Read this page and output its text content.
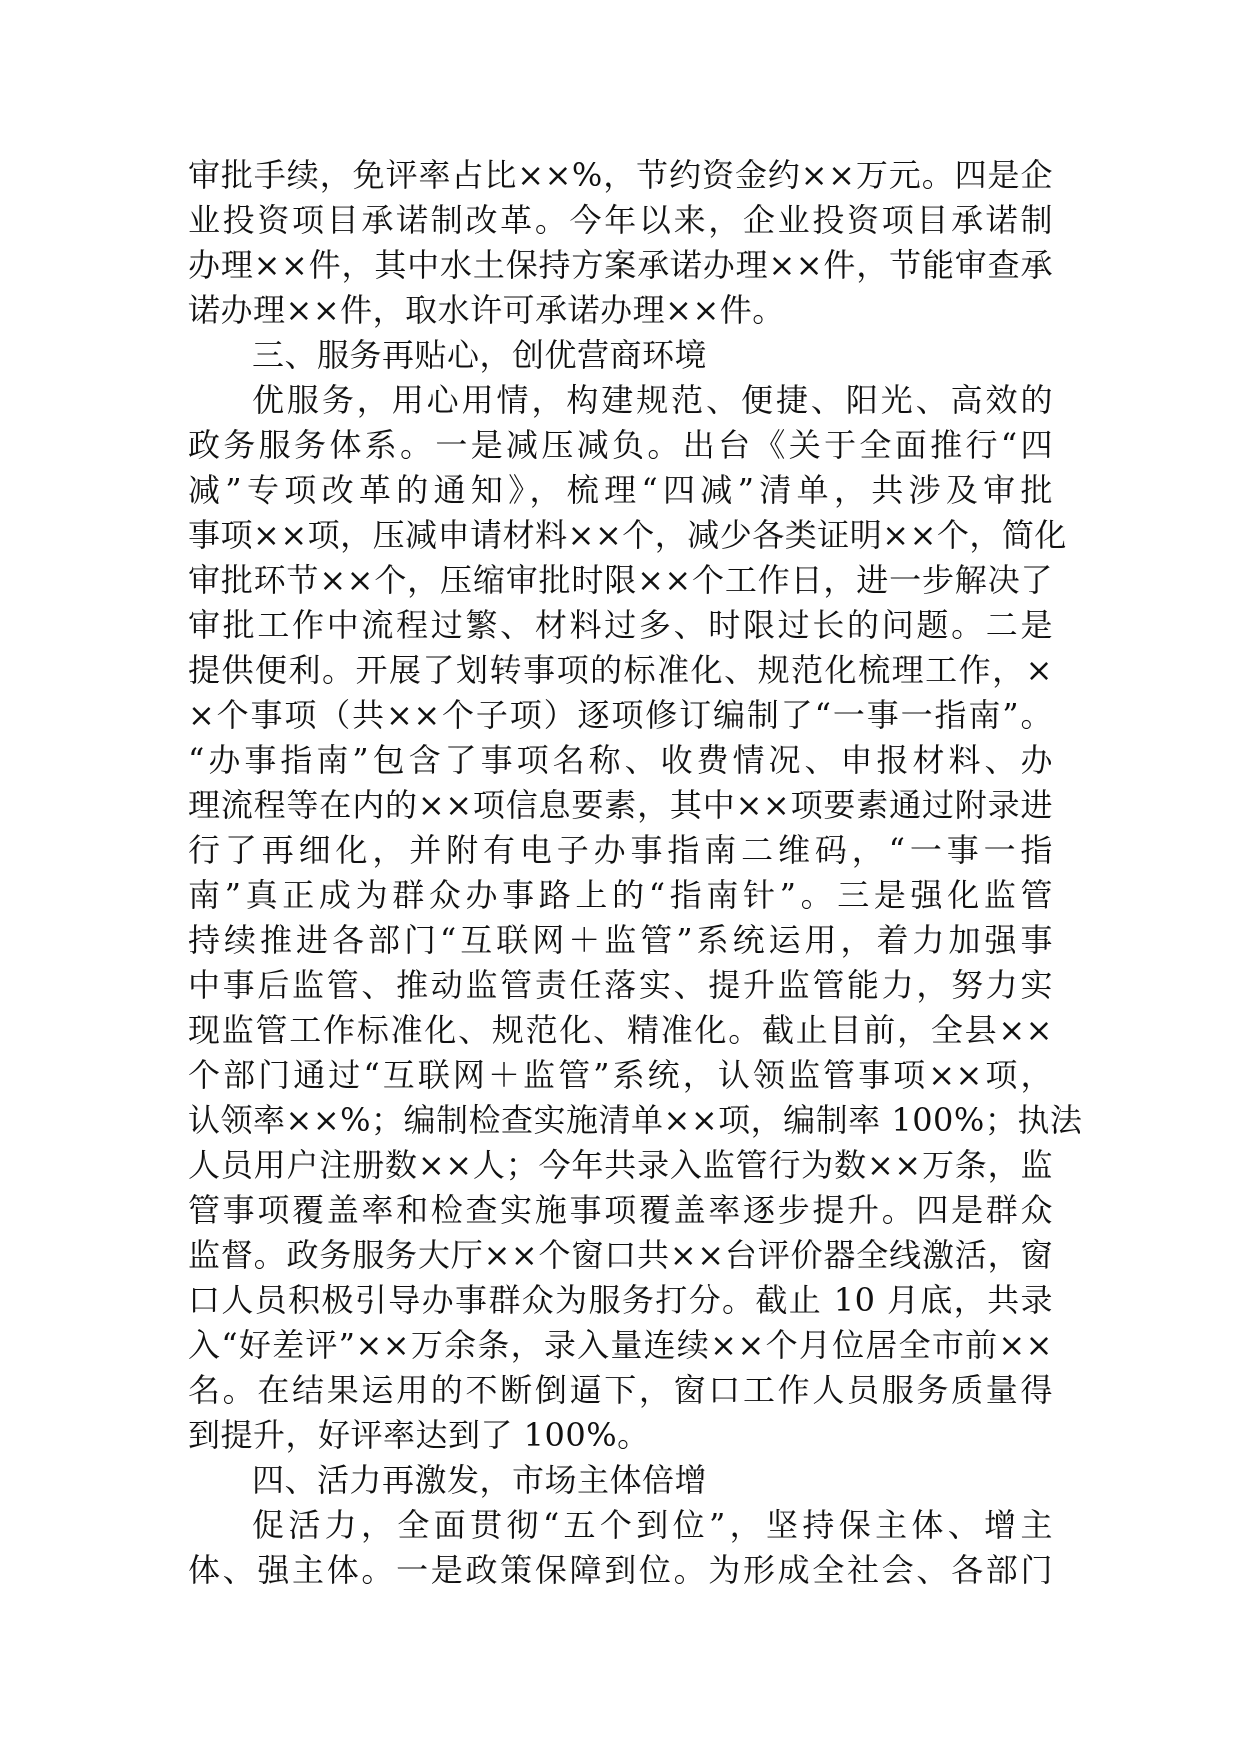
审批手续，免评率占比××%，节约资金约××万元。四是企
业投资项目承诺制改革。今年以来，企业投资项目承诺制
办理××件，其中水土保持方案承诺办理××件，节能审查承
诺办理××件，取水许可承诺办理××件。
三、服务再贴心，创优营商环境
优服务，用心用情，构建规范、便捷、阳光、高效的
政务服务体系。一是减压减负。出台《关于全面推行“四
减”专项改革的通知》，梳理“四减”清单，共涉及审批
事项××项，压减申请材料××个，减少各类证明××个，简化
审批环节××个，压缩审批时限××个工作日，进一步解决了
审批工作中流程过繁、材料过多、时限过长的问题。二是
提供便利。开展了划转事项的标准化、规范化梳理工作，×
×个事项（共××个子项）逐项修订编制了“一事一指南”。
“办事指南”包含了事项名称、收费情况、申报材料、办
理流程等在内的××项信息要素，其中××项要素通过附录进
行了再细化，并附有电子办事指南二维码，“一事一指
南”真正成为群众办事路上的“指南针”。三是强化监管
持续推进各部门“互联网＋监管”系统运用，着力加强事
中事后监管、推动监管责任落实、提升监管能力，努力实
现监管工作标准化、规范化、精准化。截止目前，全县××
个部门通过“互联网＋监管”系统，认领监管事项××项，
认领率××%；编制检查实施清单××项，编制率 100%；执法
人员用户注册数××人；今年共录入监管行为数××万条，监
管事项覆盖率和检查实施事项覆盖率逐步提升。四是群众
监督。政务服务大厅××个窗口共××台评价器全线激活，窗
口人员积极引导办事群众为服务打分。截止 10 月底，共录
入“好差评”××万余条，录入量连续××个月位居全市前××
名。在结果运用的不断倒逼下，窗口工作人员服务质量得
到提升，好评率达到了 100%。
四、活力再激发，市场主体倍增
促活力，全面贯彻“五个到位”，坚持保主体、增主
体、强主体。一是政策保障到位。为形成全社会、各部门
